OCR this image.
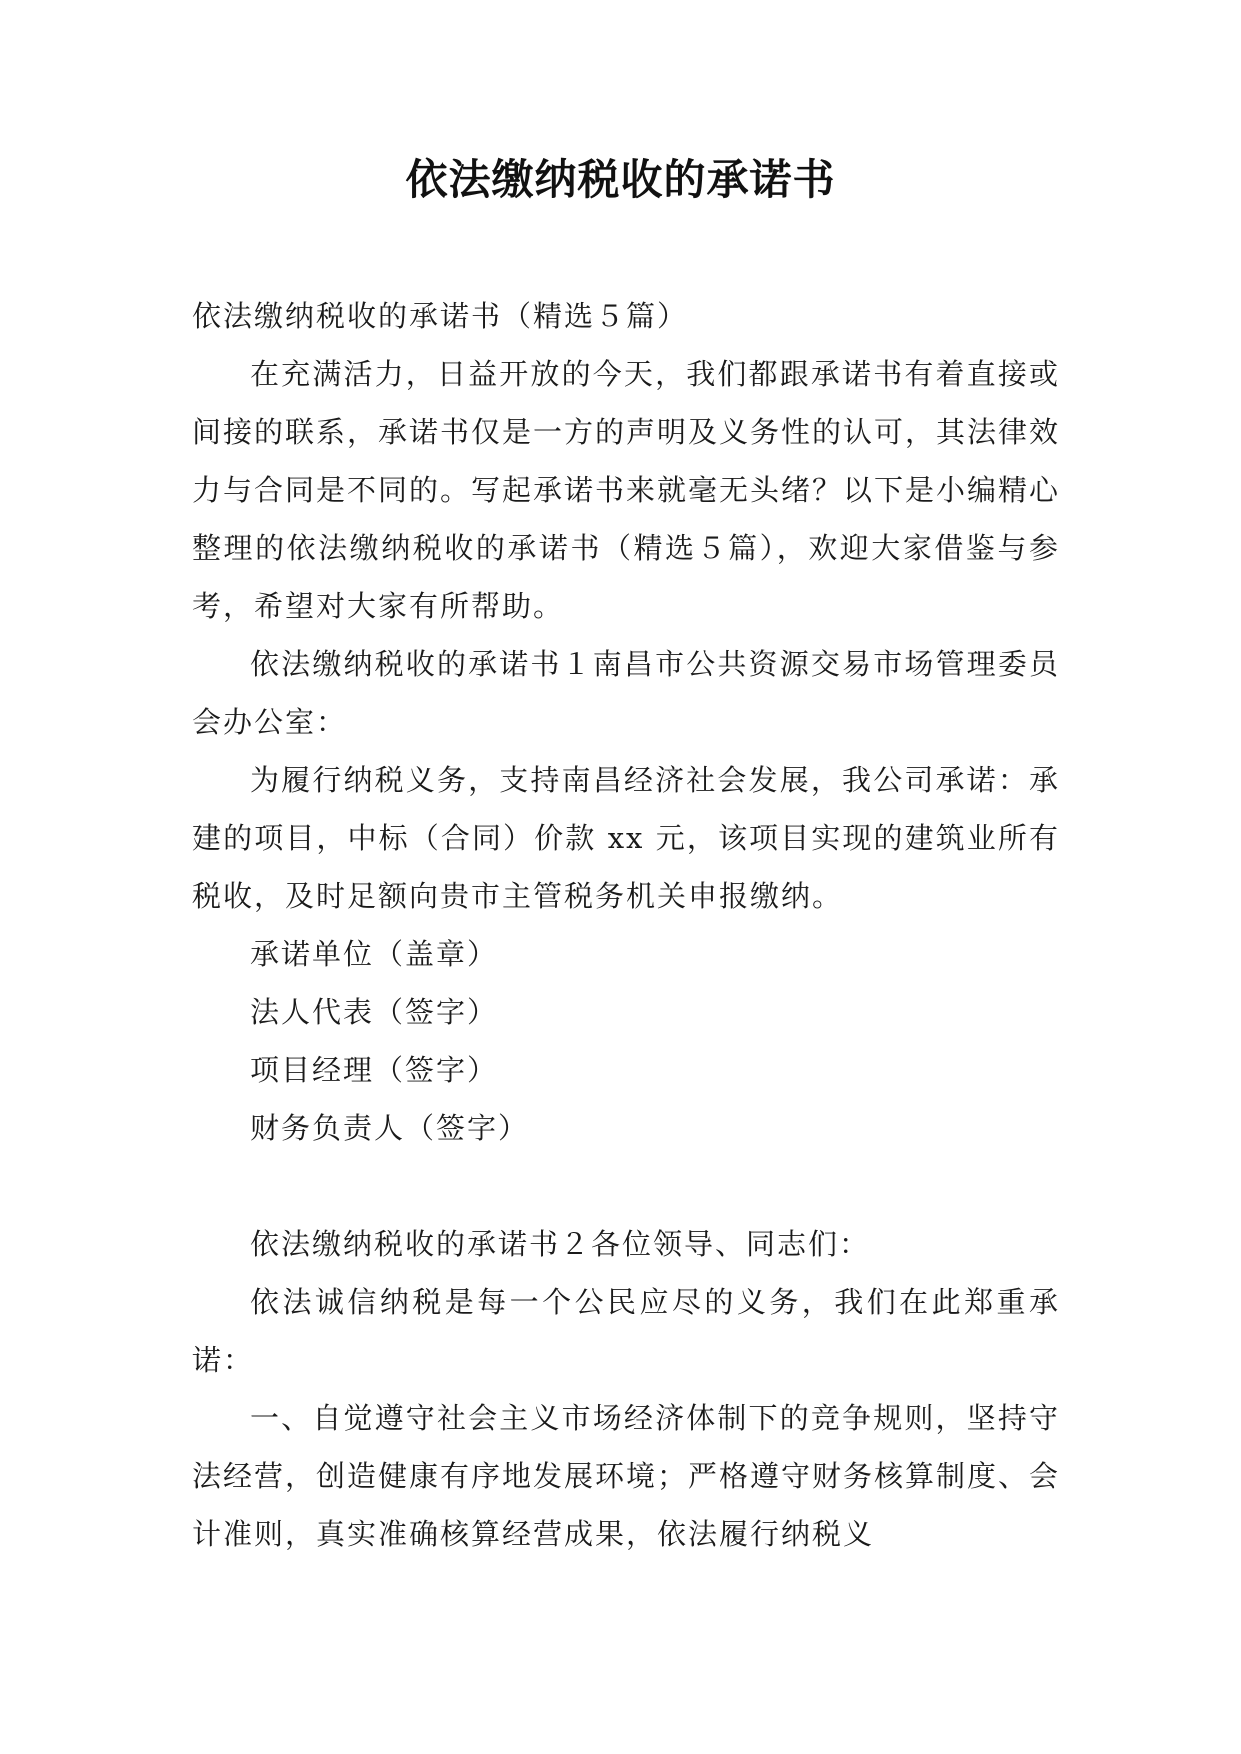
依法缴纳税收的承诺书

依法缴纳税收的承诺书（精选５篇）

在充满活力，日益开放的今天，我们都跟承诺书有着直接或间接的联系，承诺书仅是一方的声明及义务性的认可，其法律效力与合同是不同的。写起承诺书来就毫无头绪？以下是小编精心整理的依法缴纳税收的承诺书（精选５篇），欢迎大家借鉴与参考，希望对大家有所帮助。

依法缴纳税收的承诺书１南昌市公共资源交易市场管理委员会办公室：

为履行纳税义务，支持南昌经济社会发展，我公司承诺：承建的项目，中标（合同）价款 xx 元，该项目实现的建筑业所有税收，及时足额向贵市主管税务机关申报缴纳。

承诺单位（盖章）

法人代表（签字）

项目经理（签字）

财务负责人（签字）

依法缴纳税收的承诺书２各位领导、同志们：

依法诚信纳税是每一个公民应尽的义务，我们在此郑重承诺：

一、自觉遵守社会主义市场经济体制下的竞争规则，坚持守法经营，创造健康有序地发展环境；严格遵守财务核算制度、会计准则，真实准确核算经营成果，依法履行纳税义
